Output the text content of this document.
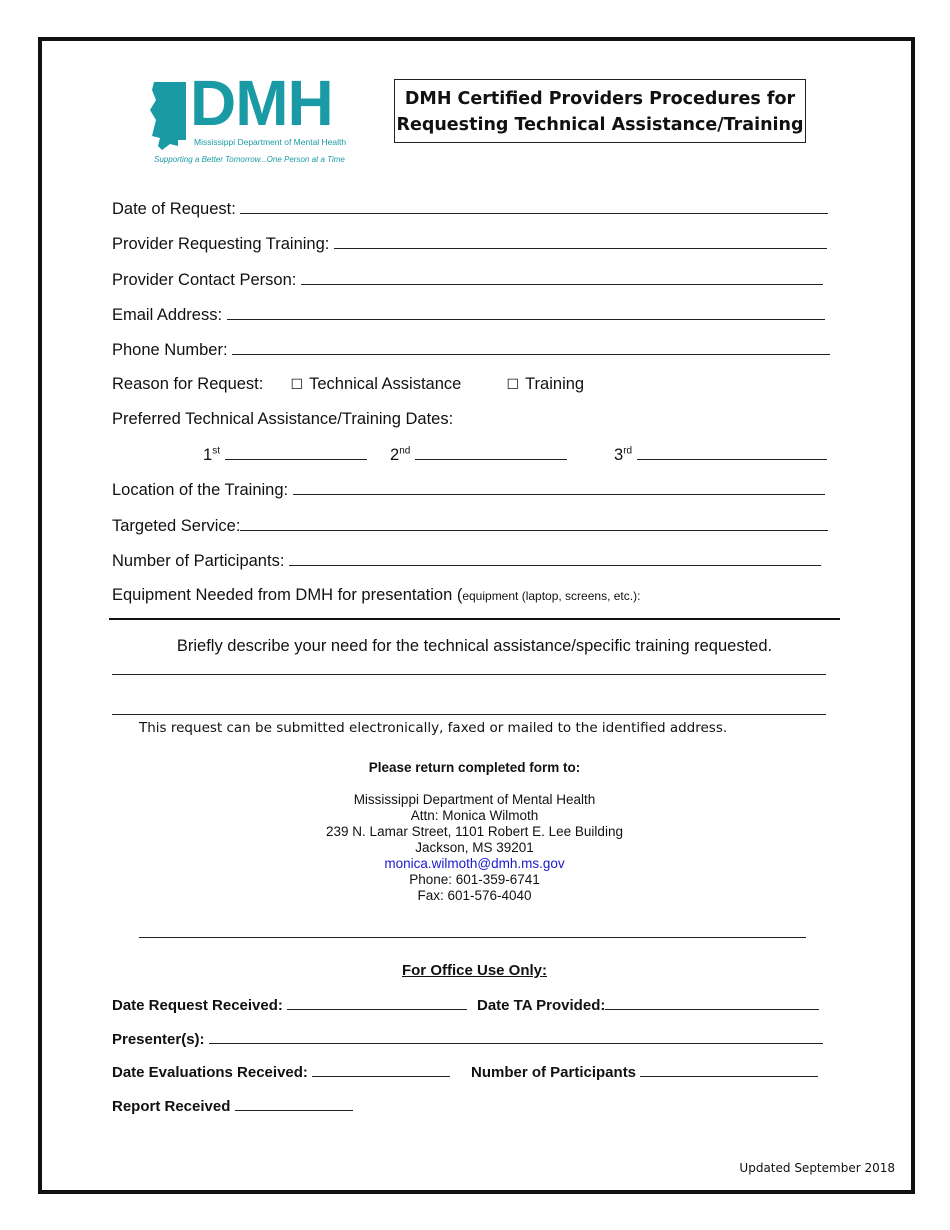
DMH
Mississippi Department of Mental Health
Supporting a Better Tomorrow...One Person at a Time
DMH Certified Providers Procedures for
Requesting Technical Assistance/Training
Date of Request:
Provider Requesting Training:
Provider Contact Person:
Email Address:
Phone Number:
Reason for Request: ☐ Technical Assistance	☐ Training
Preferred Technical Assistance/Training Dates:
1st	2nd	3rd
Location of the Training:
Targeted Service:
Number of Participants:
Equipment Needed from DMH for presentation (equipment (laptop, screens, etc.):
Briefly describe your need for the technical assistance/specific training requested.
This request can be submitted electronically, faxed or mailed to the identified address.
Please return completed form to:
Mississippi Department of Mental Health
Attn: Monica Wilmoth
239 N. Lamar Street, 1101 Robert E. Lee Building
Jackson, MS 39201
monica.wilmoth@dmh.ms.gov
Phone: 601-359-6741
Fax: 601-576-4040
For Office Use Only:
Date Request Received:	Date TA Provided:
Presenter(s):
Date Evaluations Received:	Number of Participants
Report Received
Updated September 2018
